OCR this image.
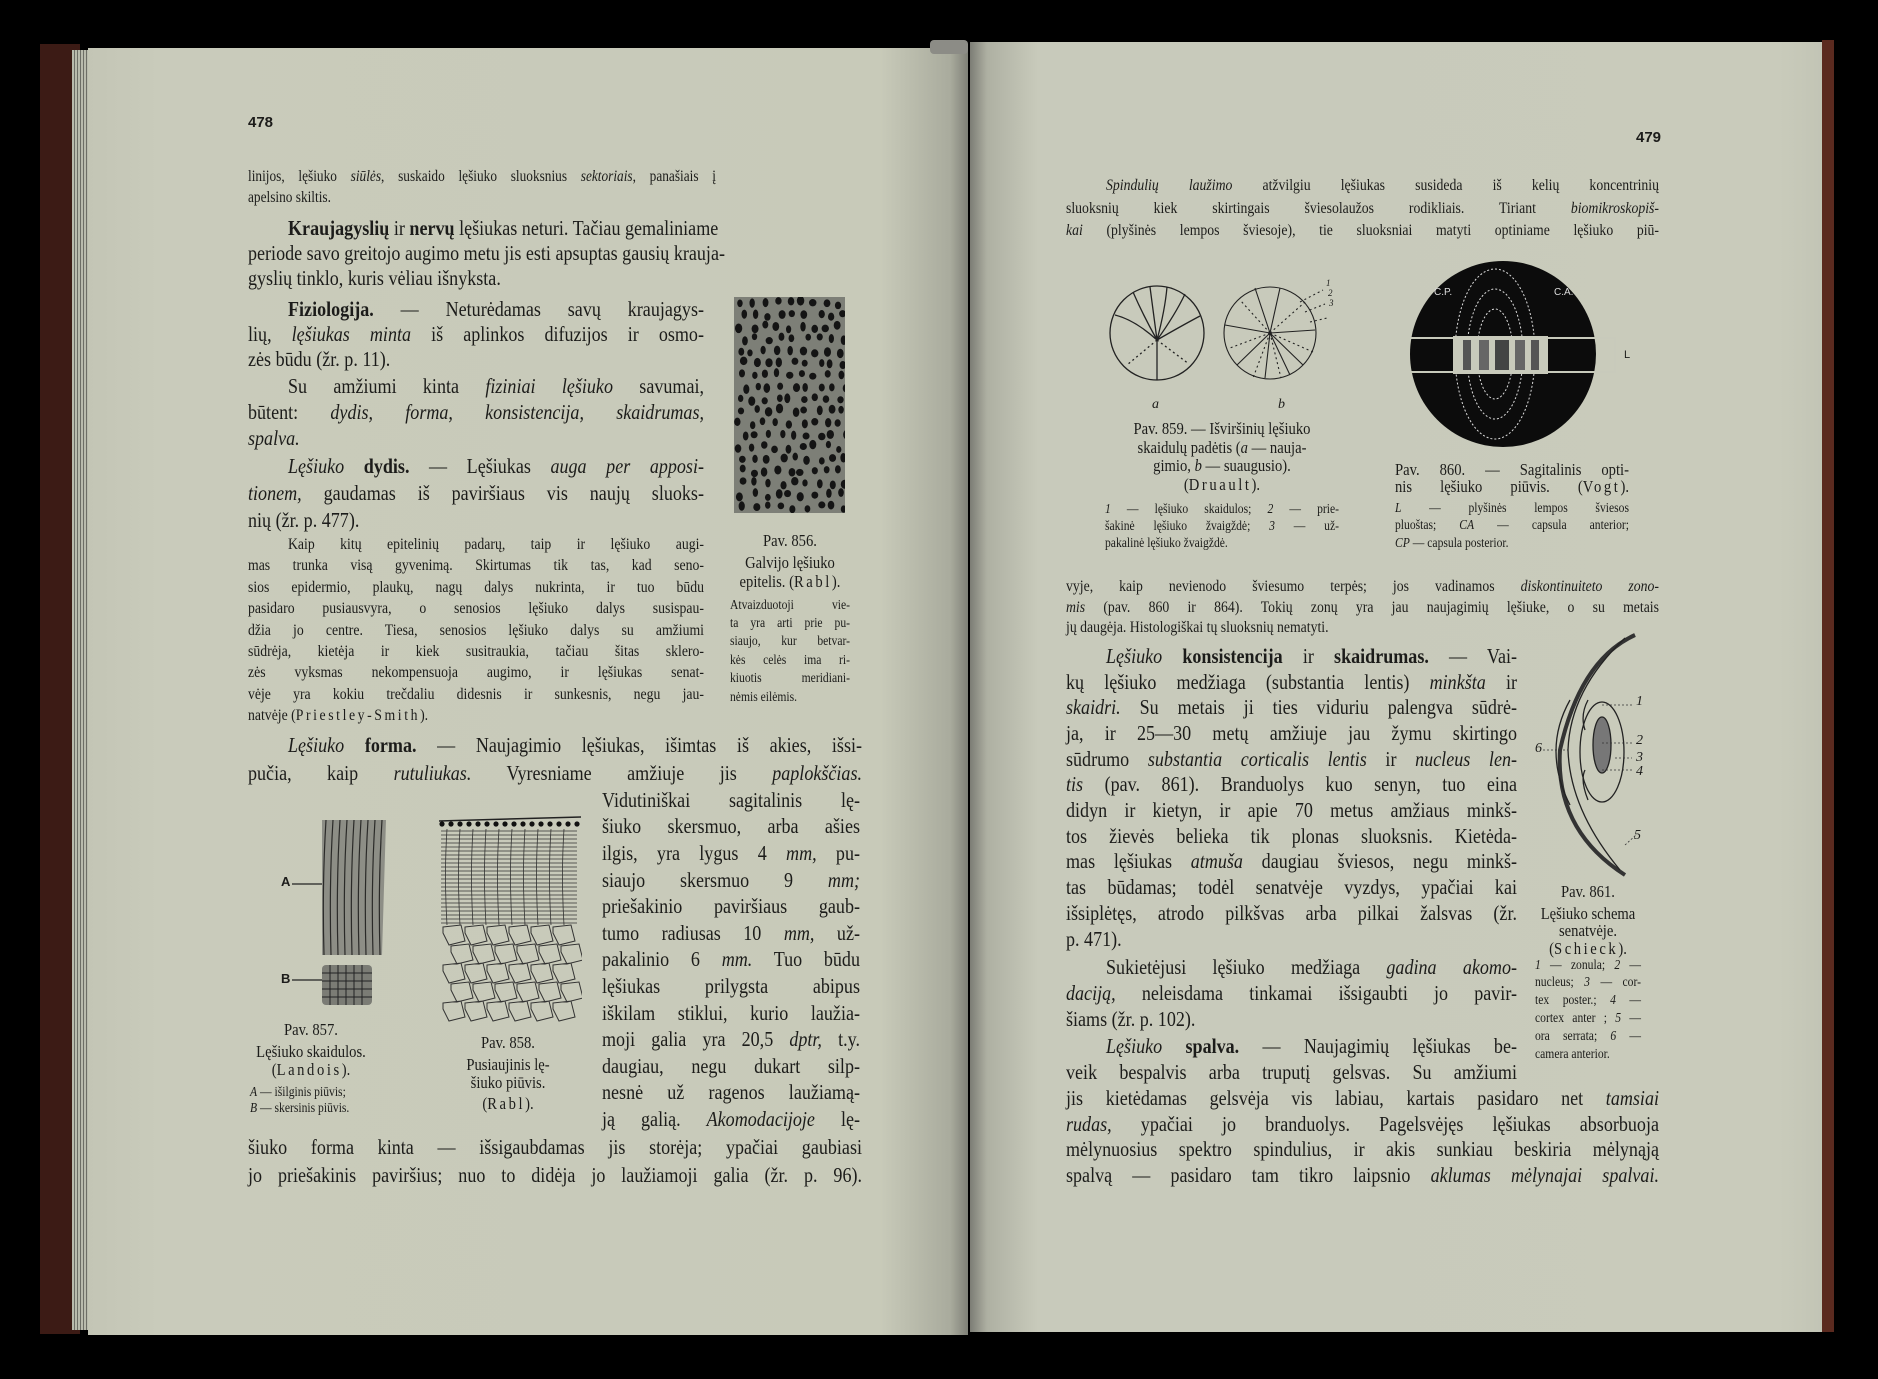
478
479
linijos, lęšiuko siūlės, suskaido lęšiuko sluoksnius sektoriais, panašiais į
apelsino skiltis.
Kraujagyslių ir nervų lęšiukas neturi. Tačiau gemaliniame
periode savo greitojo augimo metu jis esti apsuptas gausių krauja-
gyslių tinklo, kuris vėliau išnyksta.
Fiziologija. — Neturėdamas savų kraujagys-
lių, lęšiukas minta iš aplinkos difuzijos ir osmo-
zės būdu (žr. p. 11).
Su amžiumi kinta fiziniai lęšiuko savumai,
būtent: dydis, forma, konsistencija, skaidrumas,
spalva.
Lęšiuko dydis. — Lęšiukas auga per apposi-
tionem, gaudamas iš paviršiaus vis naujų sluoks-
nių (žr. p. 477).
Kaip kitų epitelinių padarų, taip ir lęšiuko augi-
mas trunka visą gyvenimą. Skirtumas tik tas, kad seno-
sios epidermio, plaukų, nagų dalys nukrinta, ir tuo būdu
pasidaro pusiausvyra, o senosios lęšiuko dalys susispau-
džia jo centre. Tiesa, senosios lęšiuko dalys su amžiumi
sūdrėja, kietėja ir kiek susitraukia, tačiau šitas sklero-
zės vyksmas nekompensuoja augimo, ir lęšiukas senat-
vėje yra kokiu trečdaliu didesnis ir sunkesnis, negu jau-
natvėje (Priestley-Smith).
Lęšiuko forma. — Naujagimio lęšiukas, išimtas iš akies, išsi-
pučia, kaip rutuliukas. Vyresniame amžiuje jis paplokščias.
Vidutiniškai sagitalinis lę-
šiuko skersmuo, arba ašies
ilgis, yra lygus 4 mm, pu-
siaujo skersmuo 9 mm;
priešakinio paviršiaus gaub-
tumo radiusas 10 mm, už-
pakalinio 6 mm. Tuo būdu
lęšiukas prilygsta abipus
iškilam stiklui, kurio laužia-
moji galia yra 20,5 dptr, t.y.
daugiau, negu dukart silp-
nesnė už ragenos laužiamą-
ją galią. Akomodacijoje lę-
šiuko forma kinta — išsigaubdamas jis storėja; ypačiai gaubiasi
jo priešakinis paviršius; nuo to didėja jo laužiamoji galia (žr. p. 96).
Spindulių laužimo atžvilgiu lęšiukas susideda iš kelių koncentrinių
sluoksnių kiek skirtingais šviesolaužos rodikliais. Tiriant biomikroskopiš-
kai (plyšinės lempos šviesoje), tie sluoksniai matyti optiniame lęšiuko piū-
vyje, kaip nevienodo šviesumo terpės; jos vadinamos diskontinuiteto zono-
mis (pav. 860 ir 864). Tokių zonų yra jau naujagimių lęšiuke, o su metais
jų daugėja. Histologiškai tų sluoksnių nematyti.
Lęšiuko konsistencija ir skaidrumas. — Vai-
kų lęšiuko medžiaga (substantia lentis) minkšta ir
skaidri. Su metais ji ties viduriu palengva sūdrė-
ja, ir 25—30 metų amžiuje jau žymu skirtingo
sūdrumo substantia corticalis lentis ir nucleus len-
tis (pav. 861). Branduolys kuo senyn, tuo eina
didyn ir kietyn, ir apie 70 metus amžiaus minkš-
tos žievės belieka tik plonas sluoksnis. Kietėda-
mas lęšiukas atmuša daugiau šviesos, negu minkš-
tas būdamas; todėl senatvėje vyzdys, ypačiai kai
išsiplėtęs, atrodo pilkšvas arba pilkai žalsvas (žr.
p. 471).
Sukietėjusi lęšiuko medžiaga gadina akomo-
daciją, neleisdama tinkamai išsigaubti jo pavir-
šiams (žr. p. 102).
Lęšiuko spalva. — Naujagimių lęšiukas be-
veik bespalvis arba truputį gelsvas. Su amžiumi
jis kietėdamas gelsvėja vis labiau, kartais pasidaro net tamsiai
rudas, ypačiai jo branduolys. Pagelsvėjęs lęšiukas absorbuoja
mėlynuosius spektro spindulius, ir akis sunkiau beskiria mėlynąją
spalvą — pasidaro tam tikro laipsnio aklumas mėlynajai spalvai.
Pav. 856.
Galvijo lęšiuko
epitelis. (Rabl).
Atvaizduotoji vie-
ta yra arti prie pu-
siaujo, kur betvar-
kės celės ima ri-
kiuotis meridiani-
nėmis eilėmis.
Pav. 857.
Lęšiuko skaidulos.
(Landois).
A — išilginis piūvis;
B — skersinis piūvis.
Pav. 858.
Pusiaujinis lę-
šiuko piūvis.
(Rabl).
Pav. 859. — Išviršinių lęšiuko
skaidulų padėtis (a — nauja-
gimio, b — suaugusio).
(Druault).
1 — lęšiuko skaidulos; 2 — prie-
šakinė lęšiuko žvaigždė; 3 — už-
pakalinė lęšiuko žvaigždė.
Pav. 860. — Sagitalinis opti-
nis lęšiuko piūvis. (Vogt).
L — plyšinės lempos šviesos
pluoštas; CA — capsula anterior;
CP — capsula posterior.
Pav. 861.
Lęšiuko schema
senatvėje.
(Schieck).
1 — zonula; 2 —
nucleus; 3 — cor-
tex poster.; 4 —
cortex anter ; 5 —
ora serrata; 6 —
camera anterior.
A
B
a	b
1
2
3
C.P.	C.A.
L
1
2
3
4
5
6
